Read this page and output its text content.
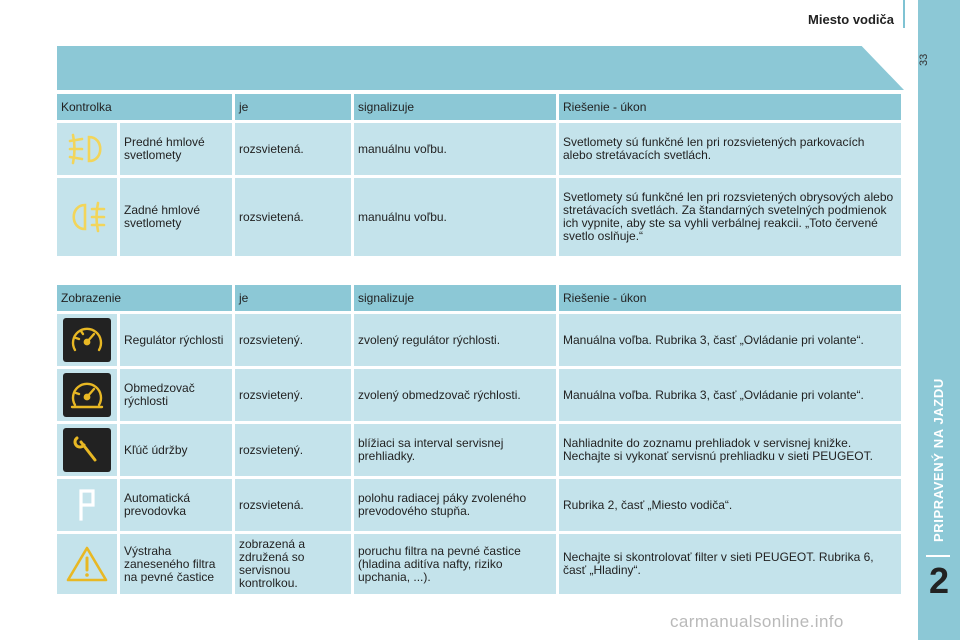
Miesto vodiča
33
PRIPRAVENÝ NA JAZDU
2
Kontrolka		je	signalizuje	Riešenie - úkon

	Predné hmlové svetlomety	rozsvietená.	manuálnu voľbu.	Svetlomety sú funkčné len pri rozsvietených parkovacích alebo stretávacích svetlách.

	Zadné hmlové svetlomety	rozsvietená.	manuálnu voľbu.	Svetlomety sú funkčné len pri rozsvietených obrysových alebo stretávacích svetlách. Za štandarných svetelných podmienok ich vypnite, aby ste sa vyhli verbálnej reakcii. „Toto červené svetlo oslňuje.“
Zobrazenie		je	signalizuje	Riešenie - úkon

	Regulátor rýchlosti	rozsvietený.	zvolený regulátor rýchlosti.	Manuálna voľba. Rubrika 3, časť „Ovládanie pri volante“.

	Obmedzovač rýchlosti	rozsvietený.	zvolený obmedzovač rýchlosti.	Manuálna voľba. Rubrika 3, časť „Ovládanie pri volante“.

	Kľúč údržby	rozsvietený.	blížiaci sa interval servisnej prehliadky.	Nahliadnite do zoznamu prehliadok v servisnej knižke. Nechajte si vykonať servisnú prehliadku v sieti PEUGEOT.

	Automatická prevodovka	rozsvietená.	polohu radiacej páky zvoleného prevodového stupňa.	Rubrika 2, časť „Miesto vodiča“.

	Výstraha zaneseného filtra na pevné častice	zobrazená a združená so servisnou kontrolkou.	poruchu filtra na pevné častice (hladina aditíva nafty, riziko upchania, ...).	Nechajte si skontrolovať filter v sieti PEUGEOT. Rubrika 6, časť „Hladiny“.
carmanualsonline.info
